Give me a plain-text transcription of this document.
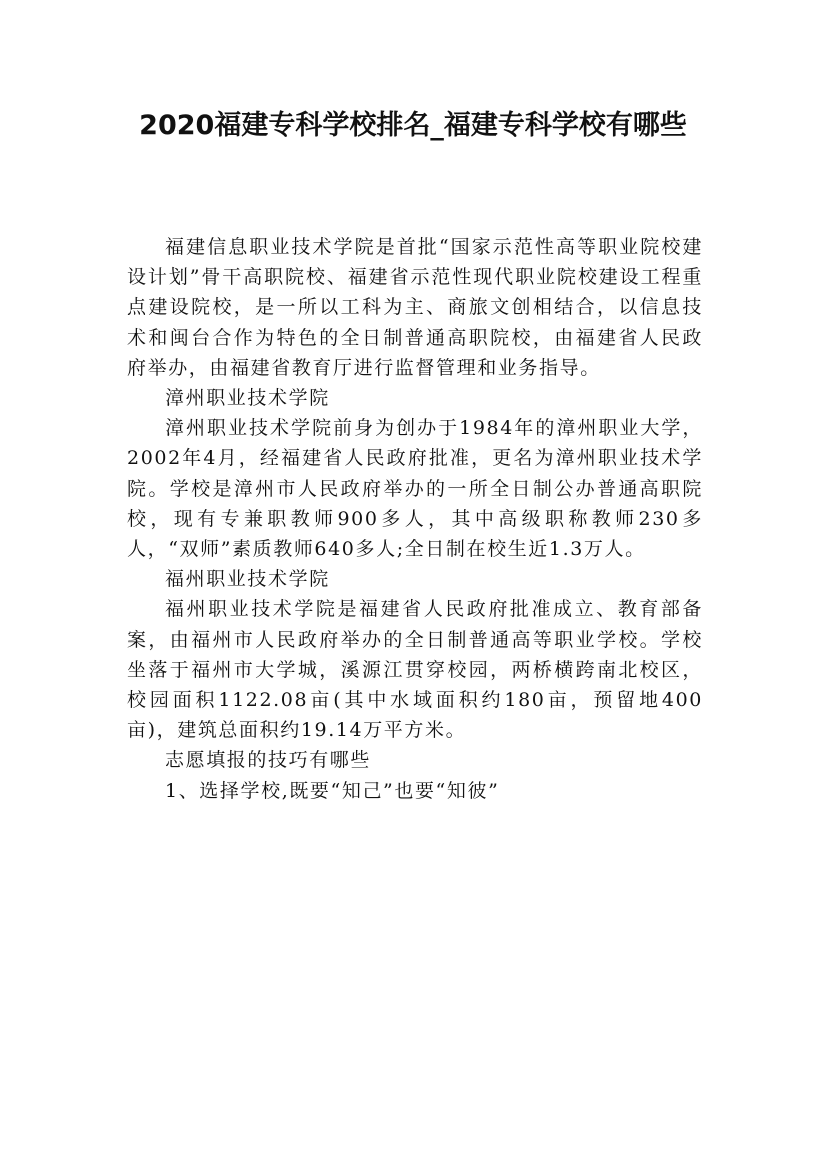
2020福建专科学校排名_福建专科学校有哪些

福建信息职业技术学院是首批“国家示范性高等职业院校建设计划”骨干高职院校、福建省示范性现代职业院校建设工程重点建设院校，是一所以工科为主、商旅文创相结合，以信息技术和闽台合作为特色的全日制普通高职院校，由福建省人民政府举办，由福建省教育厅进行监督管理和业务指导。

漳州职业技术学院

漳州职业技术学院前身为创办于1984年的漳州职业大学，2002年4月，经福建省人民政府批准，更名为漳州职业技术学院。学校是漳州市人民政府举办的一所全日制公办普通高职院校，现有专兼职教师900多人，其中高级职称教师230多人，“双师”素质教师640多人;全日制在校生近1.3万人。

福州职业技术学院

福州职业技术学院是福建省人民政府批准成立、教育部备案，由福州市人民政府举办的全日制普通高等职业学校。学校坐落于福州市大学城，溪源江贯穿校园，两桥横跨南北校区，校园面积1122.08亩(其中水域面积约180亩，预留地400亩)，建筑总面积约19.14万平方米。

志愿填报的技巧有哪些

1、选择学校,既要“知己”也要“知彼”
